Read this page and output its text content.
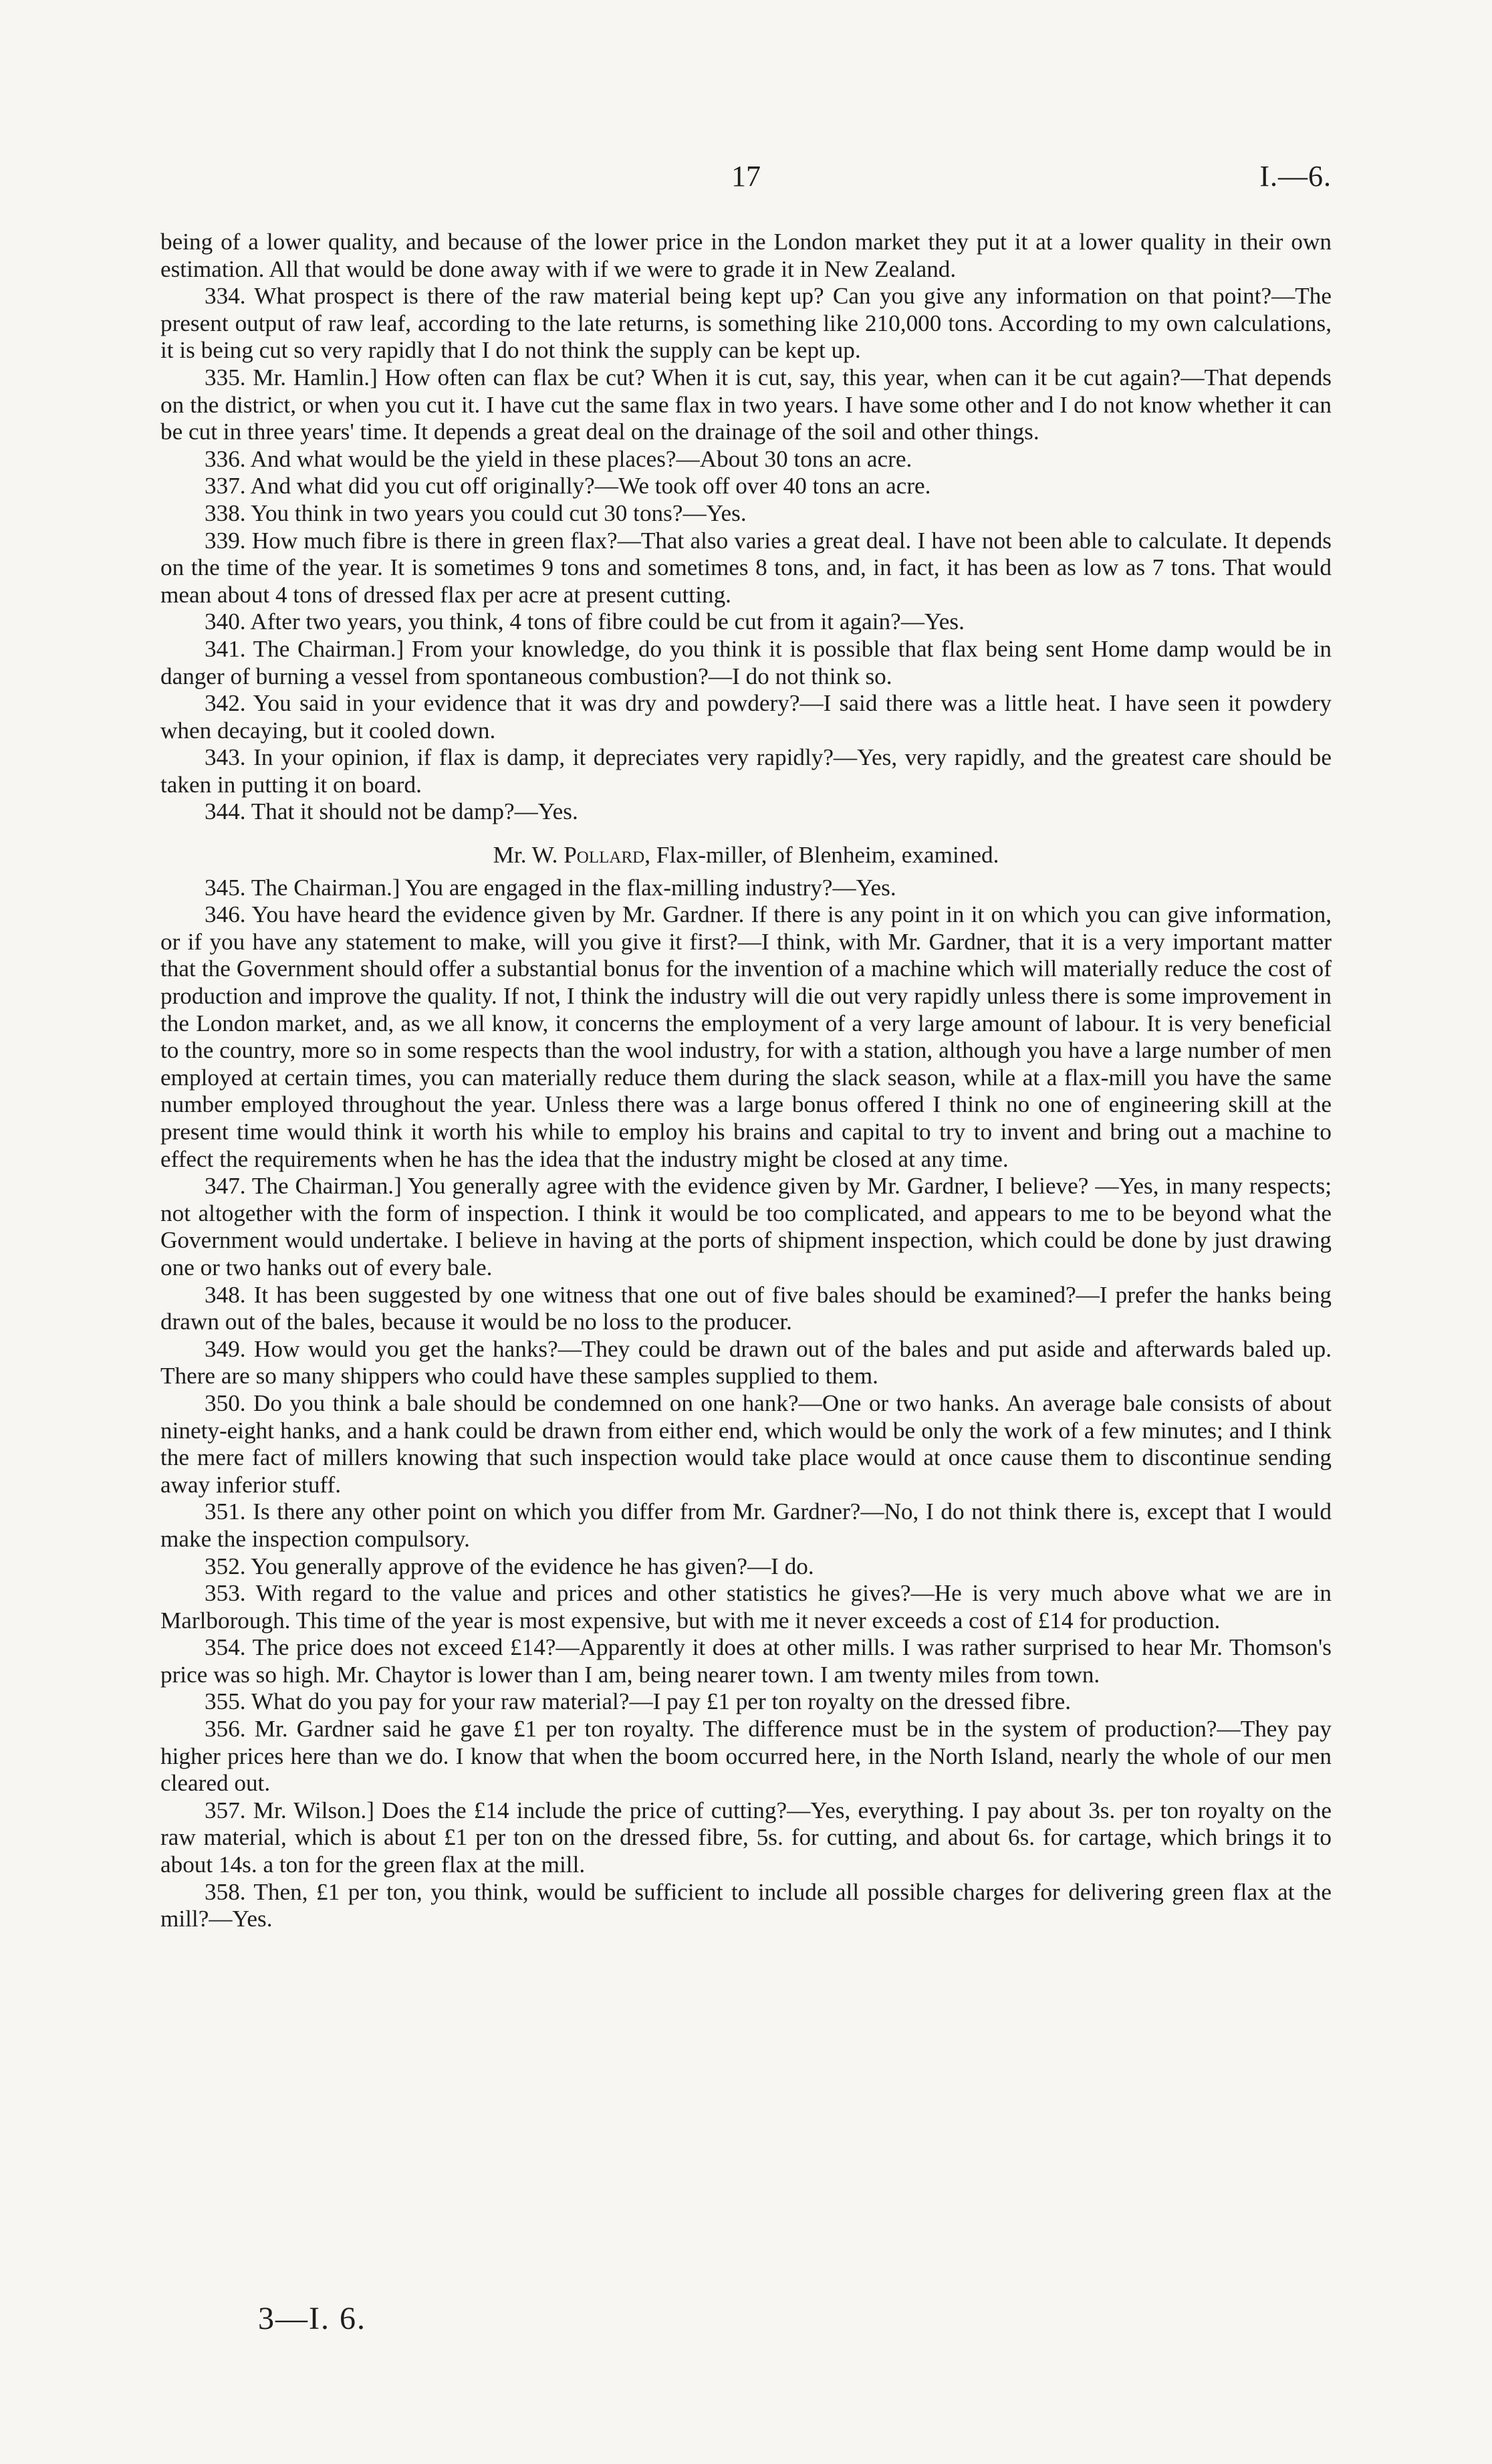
17	I.—6.

being of a lower quality, and because of the lower price in the London market they put it at a lower quality in their own estimation. All that would be done away with if we were to grade it in New Zealand.

334. What prospect is there of the raw material being kept up? Can you give any information on that point?—The present output of raw leaf, according to the late returns, is something like 210,000 tons. According to my own calculations, it is being cut so very rapidly that I do not think the supply can be kept up.

335. Mr. Hamlin.] How often can flax be cut? When it is cut, say, this year, when can it be cut again?—That depends on the district, or when you cut it. I have cut the same flax in two years. I have some other and I do not know whether it can be cut in three years' time. It depends a great deal on the drainage of the soil and other things.

336. And what would be the yield in these places?—About 30 tons an acre.

337. And what did you cut off originally?—We took off over 40 tons an acre.

338. You think in two years you could cut 30 tons?—Yes.

339. How much fibre is there in green flax?—That also varies a great deal. I have not been able to calculate. It depends on the time of the year. It is sometimes 9 tons and sometimes 8 tons, and, in fact, it has been as low as 7 tons. That would mean about 4 tons of dressed flax per acre at present cutting.

340. After two years, you think, 4 tons of fibre could be cut from it again?—Yes.

341. The Chairman.] From your knowledge, do you think it is possible that flax being sent Home damp would be in danger of burning a vessel from spontaneous combustion?—I do not think so.

342. You said in your evidence that it was dry and powdery?—I said there was a little heat. I have seen it powdery when decaying, but it cooled down.

343. In your opinion, if flax is damp, it depreciates very rapidly?—Yes, very rapidly, and the greatest care should be taken in putting it on board.

344. That it should not be damp?—Yes.

Mr. W. Pollard, Flax-miller, of Blenheim, examined.

345. The Chairman.] You are engaged in the flax-milling industry?—Yes.

346. You have heard the evidence given by Mr. Gardner. If there is any point in it on which you can give information, or if you have any statement to make, will you give it first?—I think, with Mr. Gardner, that it is a very important matter that the Government should offer a substantial bonus for the invention of a machine which will materially reduce the cost of production and improve the quality. If not, I think the industry will die out very rapidly unless there is some improvement in the London market, and, as we all know, it concerns the employment of a very large amount of labour. It is very beneficial to the country, more so in some respects than the wool industry, for with a station, although you have a large number of men employed at certain times, you can materially reduce them during the slack season, while at a flax-mill you have the same number employed throughout the year. Unless there was a large bonus offered I think no one of engineering skill at the present time would think it worth his while to employ his brains and capital to try to invent and bring out a machine to effect the requirements when he has the idea that the industry might be closed at any time.

347. The Chairman.] You generally agree with the evidence given by Mr. Gardner, I believe? —Yes, in many respects; not altogether with the form of inspection. I think it would be too complicated, and appears to me to be beyond what the Government would undertake. I believe in having at the ports of shipment inspection, which could be done by just drawing one or two hanks out of every bale.

348. It has been suggested by one witness that one out of five bales should be examined?—I prefer the hanks being drawn out of the bales, because it would be no loss to the producer.

349. How would you get the hanks?—They could be drawn out of the bales and put aside and afterwards baled up. There are so many shippers who could have these samples supplied to them.

350. Do you think a bale should be condemned on one hank?—One or two hanks. An average bale consists of about ninety-eight hanks, and a hank could be drawn from either end, which would be only the work of a few minutes; and I think the mere fact of millers knowing that such inspection would take place would at once cause them to discontinue sending away inferior stuff.

351. Is there any other point on which you differ from Mr. Gardner?—No, I do not think there is, except that I would make the inspection compulsory.

352. You generally approve of the evidence he has given?—I do.

353. With regard to the value and prices and other statistics he gives?—He is very much above what we are in Marlborough. This time of the year is most expensive, but with me it never exceeds a cost of £14 for production.

354. The price does not exceed £14?—Apparently it does at other mills. I was rather surprised to hear Mr. Thomson's price was so high. Mr. Chaytor is lower than I am, being nearer town. I am twenty miles from town.

355. What do you pay for your raw material?—I pay £1 per ton royalty on the dressed fibre.

356. Mr. Gardner said he gave £1 per ton royalty. The difference must be in the system of production?—They pay higher prices here than we do. I know that when the boom occurred here, in the North Island, nearly the whole of our men cleared out.

357. Mr. Wilson.] Does the £14 include the price of cutting?—Yes, everything. I pay about 3s. per ton royalty on the raw material, which is about £1 per ton on the dressed fibre, 5s. for cutting, and about 6s. for cartage, which brings it to about 14s. a ton for the green flax at the mill.

358. Then, £1 per ton, you think, would be sufficient to include all possible charges for delivering green flax at the mill?—Yes.

3—I. 6.
